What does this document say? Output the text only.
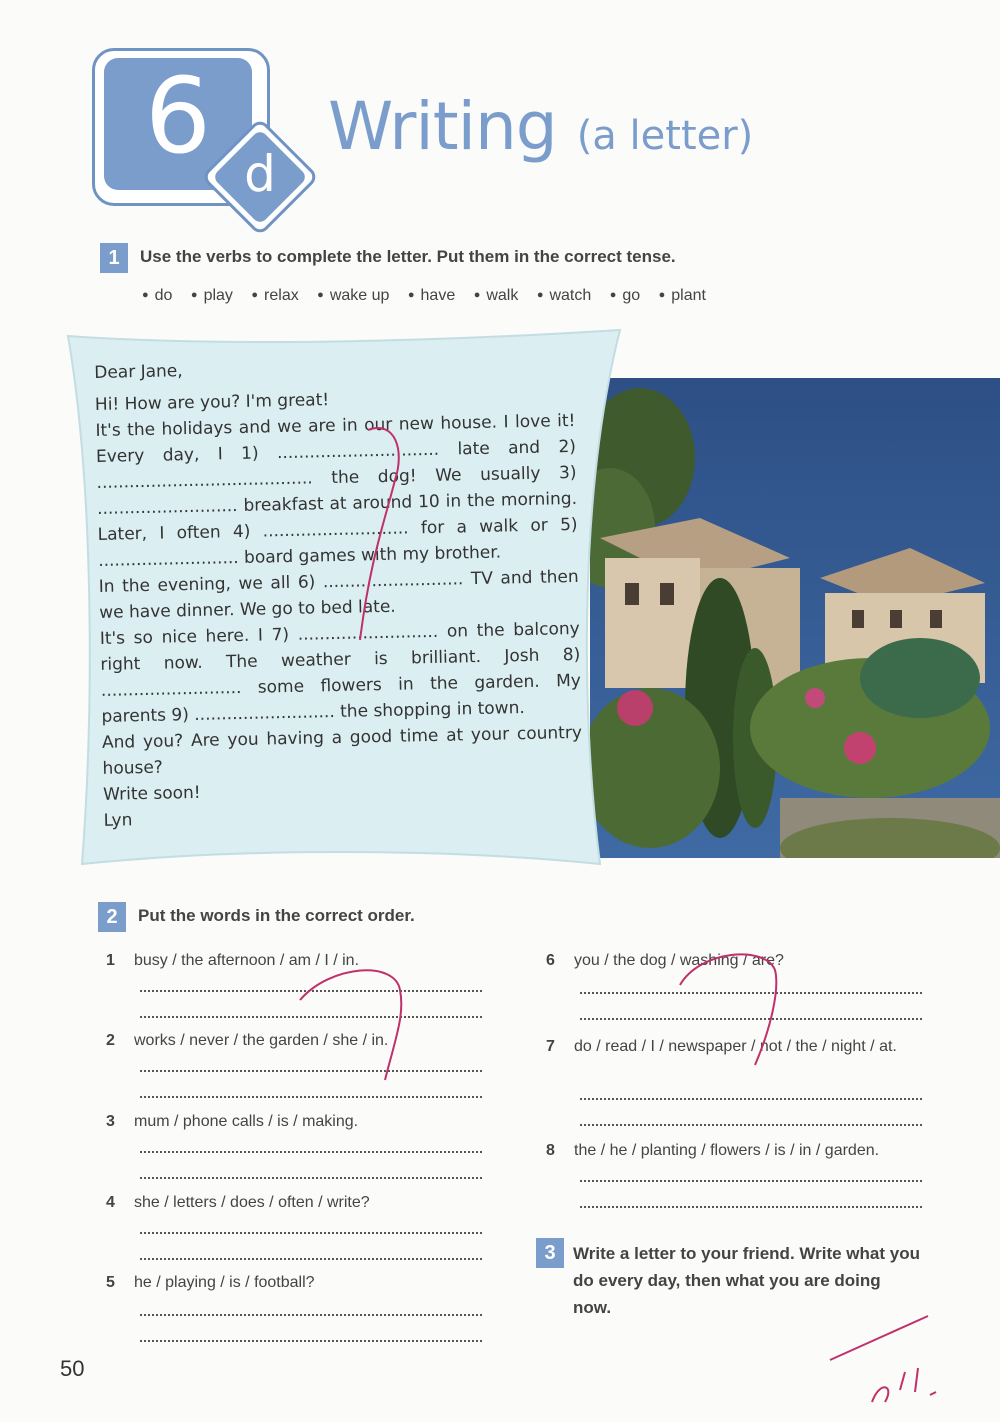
6 d
Writing (a letter)
1	Use the verbs to complete the letter. Put them in the correct tense.
● do ● play ● relax ● wake up ● have ● walk ● watch ● go ● plant

Dear Jane,

Hi! How are you? I'm great!

It's the holidays and we are in our new house. I love it! Every day, I 1) .............................. late and 2) ........................................ the dog! We usually 3) .......................... breakfast at around 10 in the morning. Later, I often 4) ........................... for a walk or 5) .......................... board games with my brother.

In the evening, we all 6) .......................... TV and then we have dinner. We go to bed late.

It's so nice here. I 7) .......................... on the balcony right now. The weather is brilliant. Josh 8) .......................... some flowers in the garden. My parents 9) .......................... the shopping in town.

And you? Are you having a good time at your country house?

Write soon!

Lyn

2	Put the words in the correct order.
1 busy / the afternoon / am / I / in.
2 works / never / the garden / she / in.
3 mum / phone calls / is / making.
4 she / letters / does / often / write?
5 he / playing / is / football?
6 you / the dog / washing / are?
7 do / read / I / newspaper / not / the / night / at.
8 the / he / planting / flowers / is / in / garden.
3	Write a letter to your friend. Write what you do every day, then what you are doing now.
50
